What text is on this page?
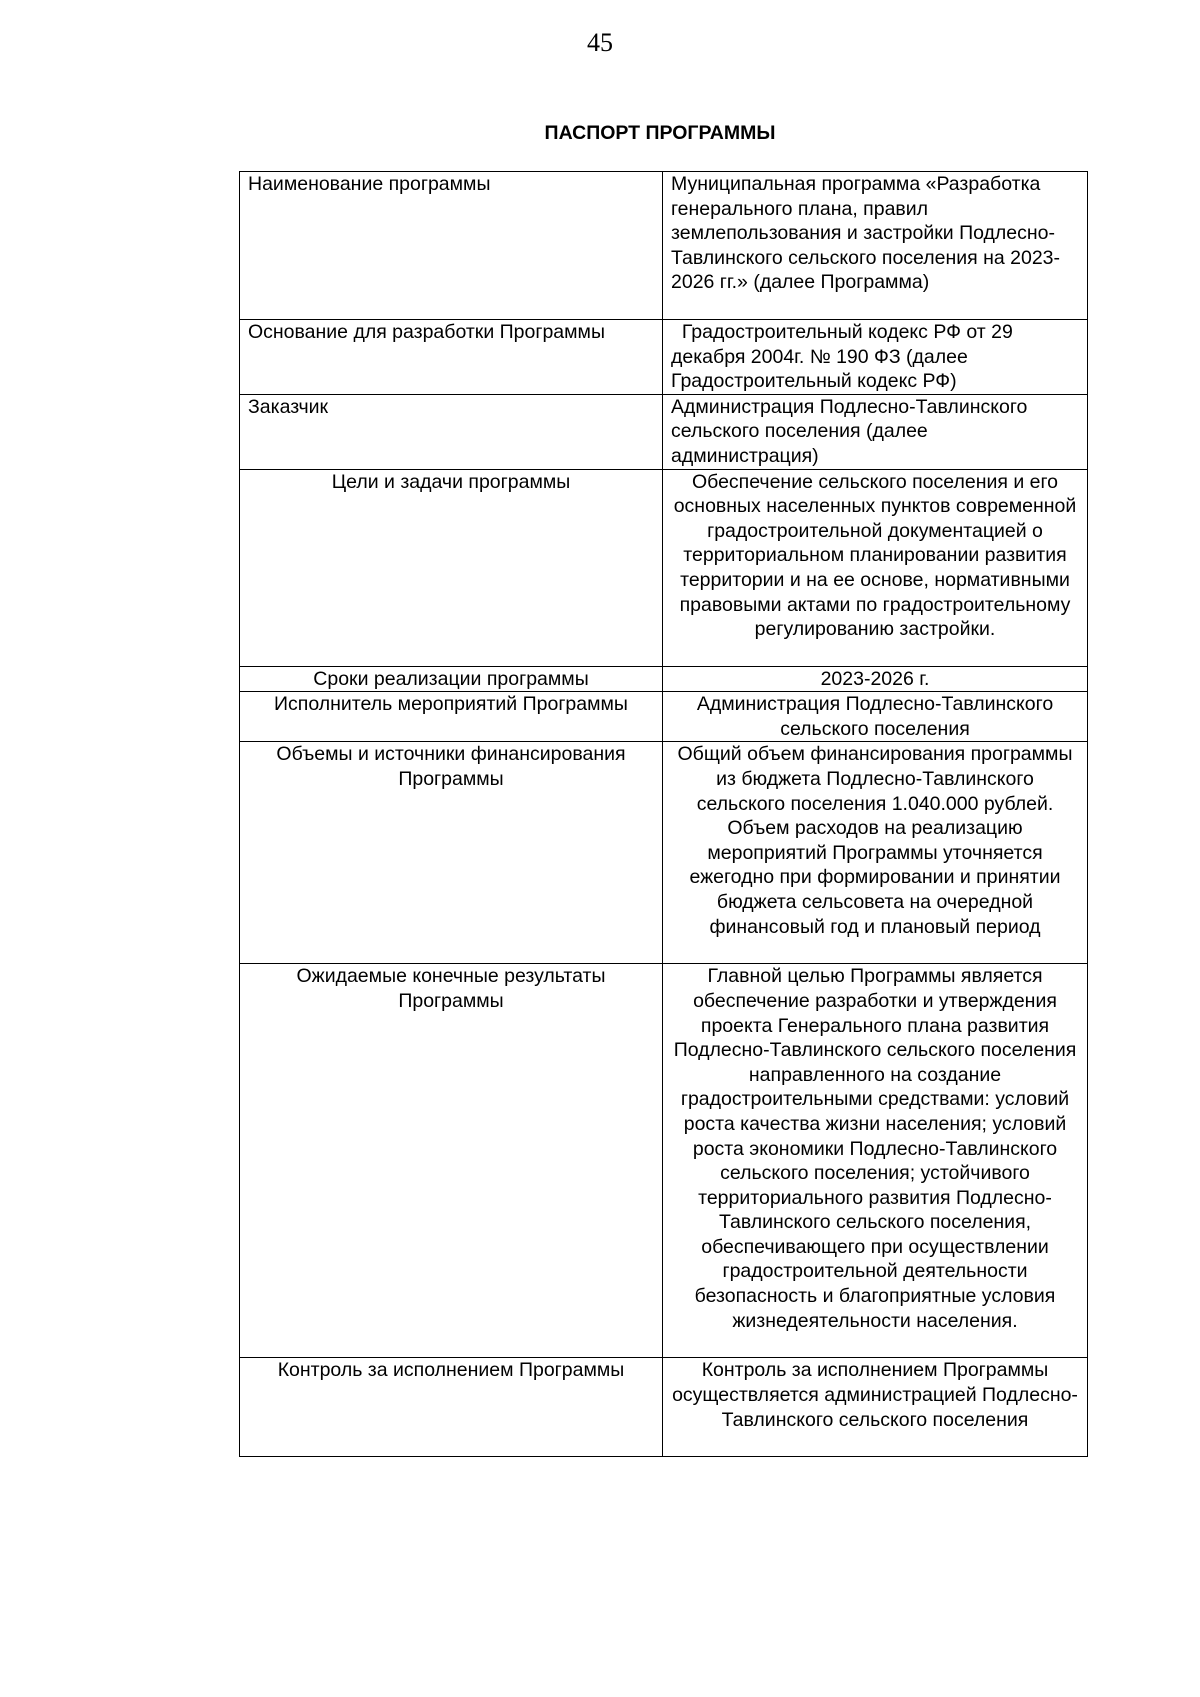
45
ПАСПОРТ ПРОГРАММЫ
Наименование программы	Муниципальная программа «Разработка генерального плана, правил землепользования и застройки Подлесно-Тавлинского сельского поселения на 2023-2026 гг.» (далее Программа)
Основание для разработки Программы	Градостроительный кодекс РФ от 29 декабря 2004г. № 190 ФЗ (далее Градостроительный кодекс РФ)
Заказчик	Администрация Подлесно-Тавлинского сельского поселения (далее администрация)
Цели и задачи программы	Обеспечение сельского поселения и его основных населенных пунктов современной градостроительной документацией о территориальном планировании развития территории и на ее основе, нормативными правовыми актами по градостроительному регулированию застройки.
Сроки реализации программы	2023-2026 г.
Исполнитель мероприятий Программы	Администрация Подлесно-Тавлинского сельского поселения
Объемы и источники финансирования Программы	Общий объем финансирования программы из бюджета Подлесно-Тавлинского сельского поселения 1.040.000 рублей. Объем расходов на реализацию мероприятий Программы уточняется ежегодно при формировании и принятии бюджета сельсовета на очередной финансовый год и плановый период
Ожидаемые конечные результаты Программы	Главной целью Программы является обеспечение разработки и утверждения проекта Генерального плана развития Подлесно-Тавлинского сельского поселения направленного на создание градостроительными средствами: условий роста качества жизни населения; условий роста экономики Подлесно-Тавлинского сельского поселения; устойчивого территориального развития Подлесно-Тавлинского сельского поселения, обеспечивающего при осуществлении градостроительной деятельности безопасность и благоприятные условия жизнедеятельности населения.
Контроль за исполнением Программы	Контроль за исполнением Программы осуществляется администрацией Подлесно-Тавлинского сельского поселения
